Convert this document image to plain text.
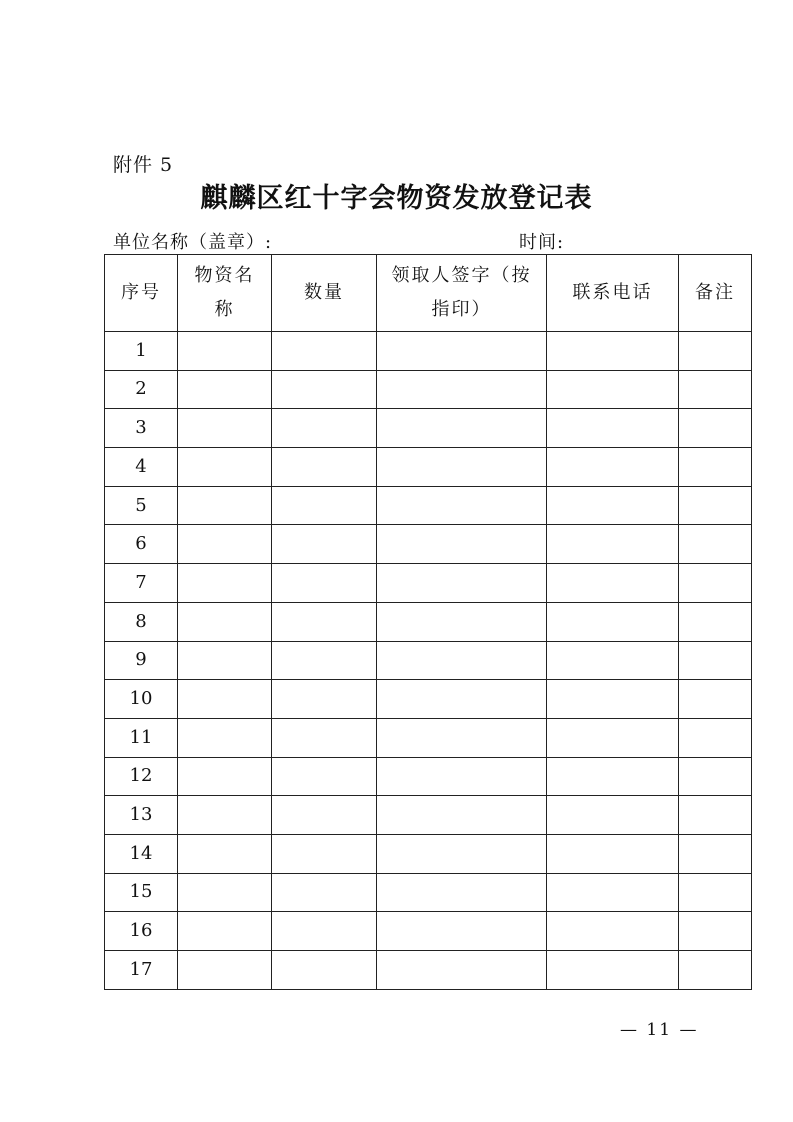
附件 5
麒麟区红十字会物资发放登记表
单位名称（盖章）:	时间:
序号	物资名称	数量	领取人签字（按指印）	联系电话	备注
1					
2					
3					
4					
5					
6					
7					
8					
9					
10					
11					
12					
13					
14					
15					
16					
17					
— 11 —
